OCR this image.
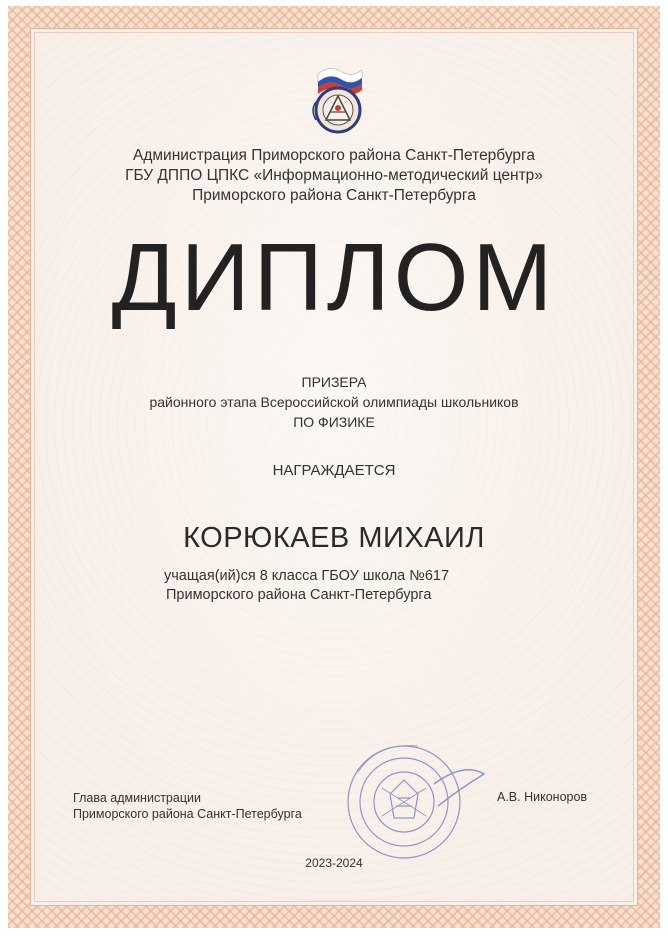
Администрация Приморского района Санкт-Петербурга
ГБУ ДППО ЦПКС «Информационно-методический центр»
Приморского района Санкт-Петербурга
ДИПЛОМ
ПРИЗЕРА
районного этапа Всероссийской олимпиады школьников
ПО ФИЗИКЕ
НАГРАЖДАЕТСЯ
КОРЮКАЕВ МИХАИЛ
учащая(ий)ся 8 класса ГБОУ школа №617
Приморского района Санкт-Петербурга
Глава администрации
Приморского района Санкт-Петербурга
А.В. Никоноров
2023-2024
